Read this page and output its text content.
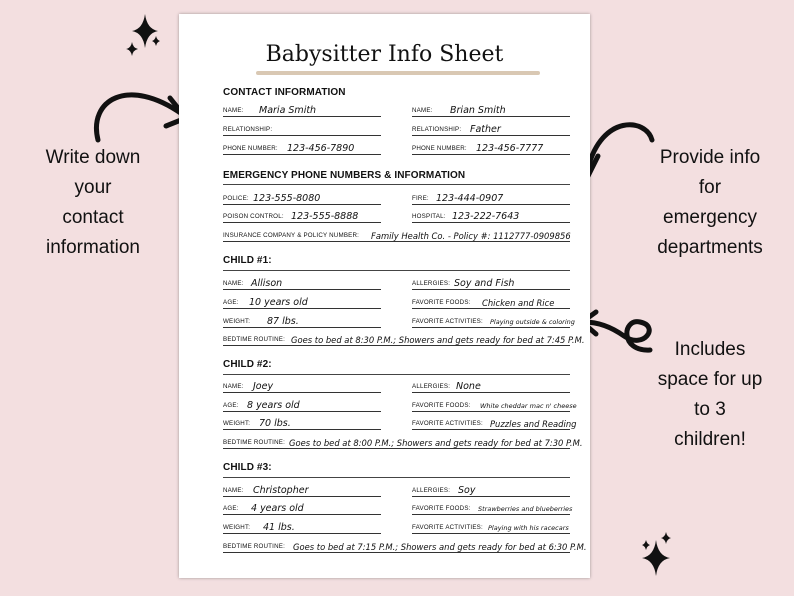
Write down
your
contact
information
Provide info
for
emergency
departments
Includes
space for up
to 3
children!
Babysitter Info Sheet
CONTACT INFORMATION
NAME: Maria Smith	NAME: Brian Smith
RELATIONSHIP:	RELATIONSHIP: Father
PHONE NUMBER: 123-456-7890	PHONE NUMBER: 123-456-7777
EMERGENCY PHONE NUMBERS & INFORMATION
POLICE: 123-555-8080	FIRE: 123-444-0907
POISON CONTROL: 123-555-8888	HOSPITAL: 123-222-7643
INSURANCE COMPANY & POLICY NUMBER: Family Health Co. - Policy #: 1112777-0909856
CHILD #1:
NAME: Allison	ALLERGIES: Soy and Fish
AGE: 10 years old	FAVORITE FOODS: Chicken and Rice
WEIGHT: 87 lbs.	FAVORITE ACTIVITIES: Playing outside & coloring
BEDTIME ROUTINE: Goes to bed at 8:30 P.M.; Showers and gets ready for bed at 7:45 P.M.
CHILD #2:
NAME: Joey	ALLERGIES: None
AGE: 8 years old	FAVORITE FOODS: White cheddar mac n' cheese
WEIGHT: 70 lbs.	FAVORITE ACTIVITIES: Puzzles and Reading
BEDTIME ROUTINE: Goes to bed at 8:00 P.M.; Showers and gets ready for bed at 7:30 P.M.
CHILD #3:
NAME: Christopher	ALLERGIES: Soy
AGE: 4 years old	FAVORITE FOODS: Strawberries and blueberries
WEIGHT: 41 lbs.	FAVORITE ACTIVITIES: Playing with his racecars
BEDTIME ROUTINE: Goes to bed at 7:15 P.M.; Showers and gets ready for bed at 6:30 P.M.
